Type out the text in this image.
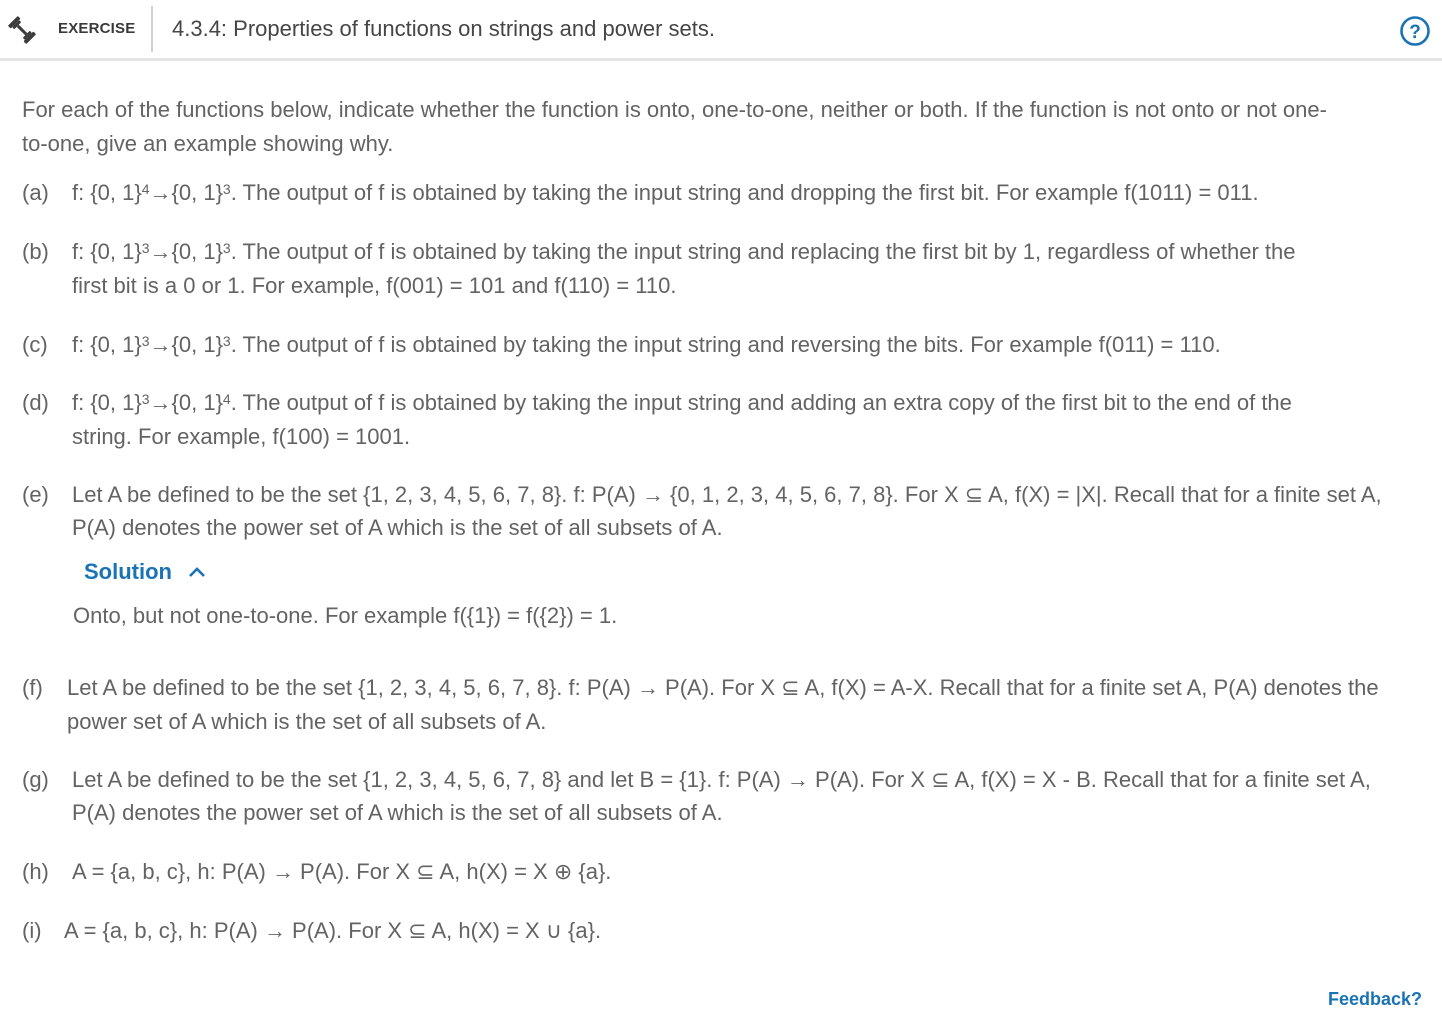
EXERCISE 4.3.4: Properties of functions on strings and power sets.	?
For each of the functions below, indicate whether the function is onto, one-to-one, neither or both. If the function is not onto or not one-
to-one, give an example showing why.
(a) f: {0, 1}$^4$→{0, 1}$^3$. The output of f is obtained by taking the input string and dropping the first bit. For example f(1011) = 011.
(b) f: {0, 1}$^3$→{0, 1}$^3$. The output of f is obtained by taking the input string and replacing the first bit by 1, regardless of whether the
first bit is a 0 or 1. For example, f(001) = 101 and f(110) = 110.
(c) f: {0, 1}$^3$→{0, 1}$^3$. The output of f is obtained by taking the input string and reversing the bits. For example f(011) = 110.
(d) f: {0, 1}$^3$→{0, 1}$^4$. The output of f is obtained by taking the input string and adding an extra copy of the first bit to the end of the
string. For example, f(100) = 1001.
(e) Let A be defined to be the set {1, 2, 3, 4, 5, 6, 7, 8}. f: P(A) → {0, 1, 2, 3, 4, 5, 6, 7, 8}. For X ⊆ A, f(X) = |X|. Recall that for a finite set A,
P(A) denotes the power set of A which is the set of all subsets of A.
Solution
Onto, but not one-to-one. For example f({1}) = f({2}) = 1.
(f) Let A be defined to be the set {1, 2, 3, 4, 5, 6, 7, 8}. f: P(A) → P(A). For X ⊆ A, f(X) = A-X. Recall that for a finite set A, P(A) denotes the
power set of A which is the set of all subsets of A.
(g) Let A be defined to be the set {1, 2, 3, 4, 5, 6, 7, 8} and let B = {1}. f: P(A) → P(A). For X ⊆ A, f(X) = X - B. Recall that for a finite set A,
P(A) denotes the power set of A which is the set of all subsets of A.
(h) A = {a, b, c}, h: P(A) → P(A). For X ⊆ A, h(X) = X ⊕ {a}.
(i) A = {a, b, c}, h: P(A) → P(A). For X ⊆ A, h(X) = X ∪ {a}.
Feedback?
